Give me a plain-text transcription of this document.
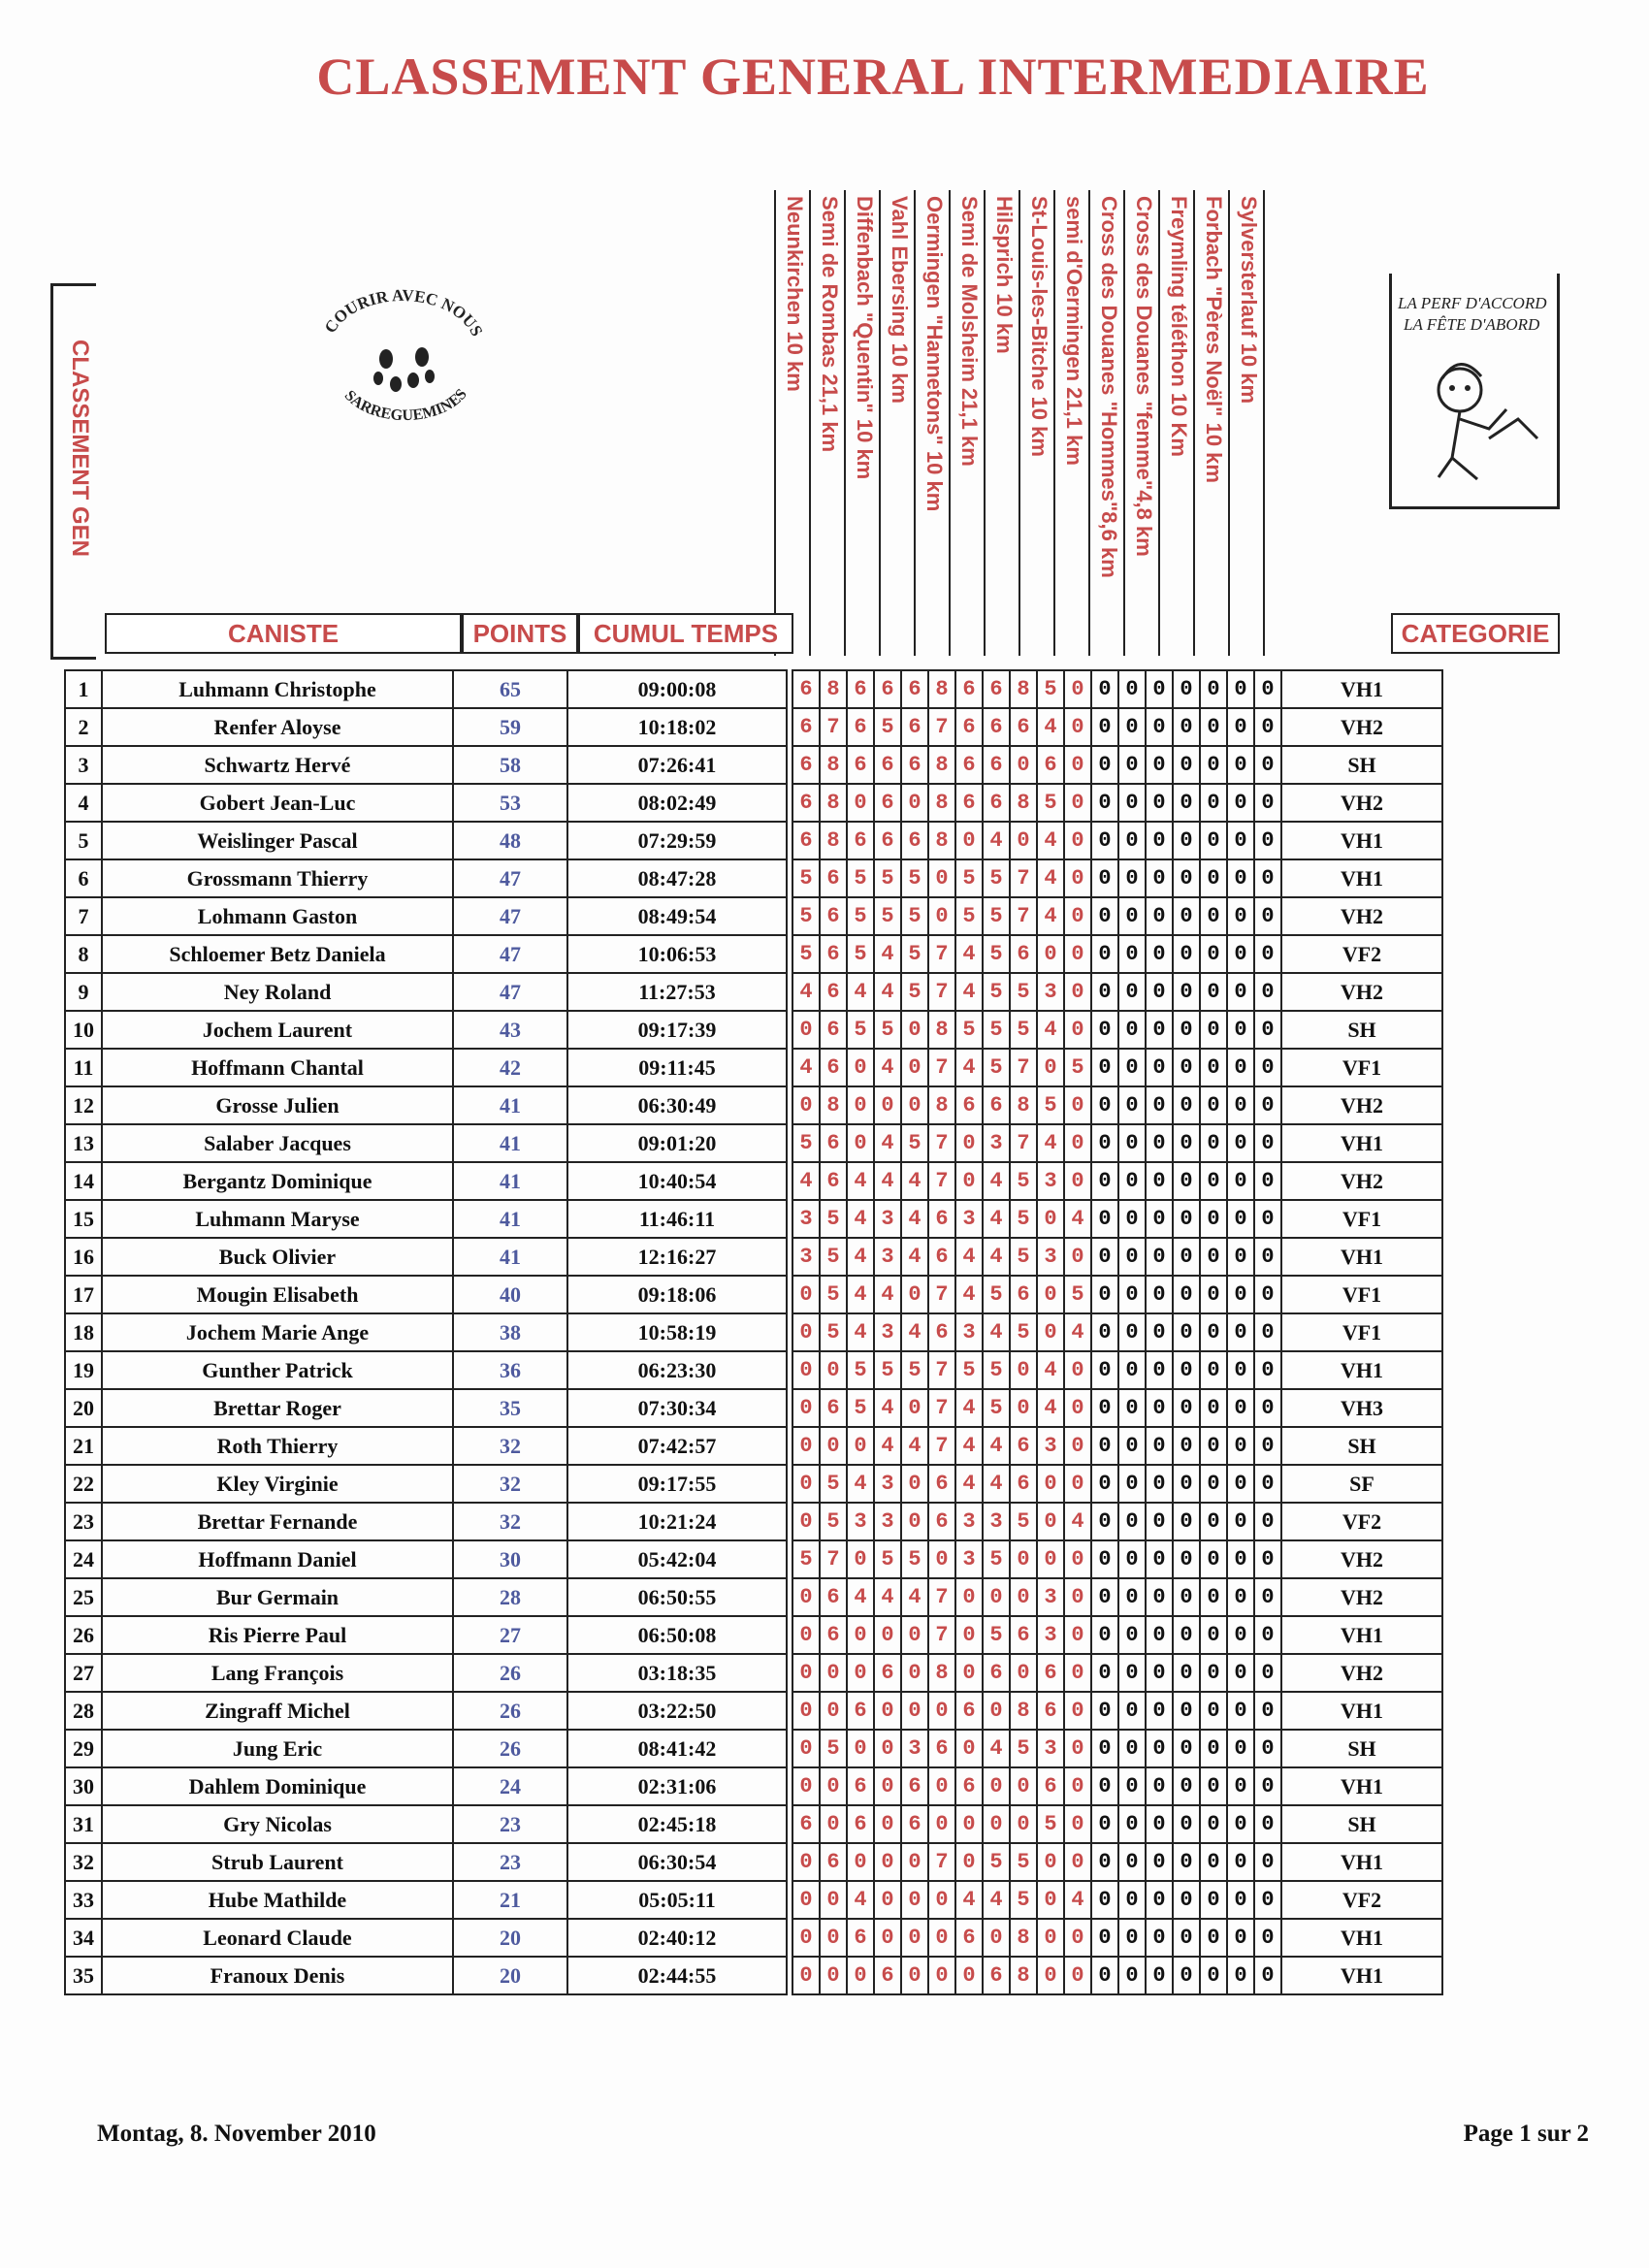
CLASSEMENT GENERAL INTERMEDIAIRE
CLASSEMENT GEN
COURIR AVEC NOUS
SARREGUEMINES
LA PERF D'ACCORD
LA FÊTE D'ABORD
Neunkirchen 10 km Semi de Rombas 21,1 km Diffenbach "Quentin" 10 km Vahl Ebersing 10 km Oermingen "Hannetons" 10 km Semi de Molsheim 21,1 km Hilsprich 10 km St-Louis-les-Bitche 10 km semi d'Oermingen 21,1 km Cross des Douanes "Hommes"8,6 km Cross des Douanes "femme"4,8 km Freymling téléthon 10 Km Forbach "Pères Noël" 10 km Sylversterlauf 10 km
CANISTE	POINTS	CUMUL TEMPS	CATEGORIE
1	Luhmann Christophe	65	09:00:08		6	8	6	6	6	8	6	6	8	5	0	0	0	0	0	0	0	0	VH1
2	Renfer Aloyse	59	10:18:02		6	7	6	5	6	7	6	6	6	4	0	0	0	0	0	0	0	0	VH2
3	Schwartz Hervé	58	07:26:41		6	8	6	6	6	8	6	6	0	6	0	0	0	0	0	0	0	0	SH
4	Gobert Jean-Luc	53	08:02:49		6	8	0	6	0	8	6	6	8	5	0	0	0	0	0	0	0	0	VH2
5	Weislinger Pascal	48	07:29:59		6	8	6	6	6	8	0	4	0	4	0	0	0	0	0	0	0	0	VH1
6	Grossmann Thierry	47	08:47:28		5	6	5	5	5	0	5	5	7	4	0	0	0	0	0	0	0	0	VH1
7	Lohmann Gaston	47	08:49:54		5	6	5	5	5	0	5	5	7	4	0	0	0	0	0	0	0	0	VH2
8	Schloemer Betz Daniela	47	10:06:53		5	6	5	4	5	7	4	5	6	0	0	0	0	0	0	0	0	0	VF2
9	Ney Roland	47	11:27:53		4	6	4	4	5	7	4	5	5	3	0	0	0	0	0	0	0	0	VH2
10	Jochem Laurent	43	09:17:39		0	6	5	5	0	8	5	5	5	4	0	0	0	0	0	0	0	0	SH
11	Hoffmann Chantal	42	09:11:45		4	6	0	4	0	7	4	5	7	0	5	0	0	0	0	0	0	0	VF1
12	Grosse Julien	41	06:30:49		0	8	0	0	0	8	6	6	8	5	0	0	0	0	0	0	0	0	VH2
13	Salaber Jacques	41	09:01:20		5	6	0	4	5	7	0	3	7	4	0	0	0	0	0	0	0	0	VH1
14	Bergantz Dominique	41	10:40:54		4	6	4	4	4	7	0	4	5	3	0	0	0	0	0	0	0	0	VH2
15	Luhmann Maryse	41	11:46:11		3	5	4	3	4	6	3	4	5	0	4	0	0	0	0	0	0	0	VF1
16	Buck Olivier	41	12:16:27		3	5	4	3	4	6	4	4	5	3	0	0	0	0	0	0	0	0	VH1
17	Mougin Elisabeth	40	09:18:06		0	5	4	4	0	7	4	5	6	0	5	0	0	0	0	0	0	0	VF1
18	Jochem Marie Ange	38	10:58:19		0	5	4	3	4	6	3	4	5	0	4	0	0	0	0	0	0	0	VF1
19	Gunther Patrick	36	06:23:30		0	0	5	5	5	7	5	5	0	4	0	0	0	0	0	0	0	0	VH1
20	Brettar Roger	35	07:30:34		0	6	5	4	0	7	4	5	0	4	0	0	0	0	0	0	0	0	VH3
21	Roth Thierry	32	07:42:57		0	0	0	4	4	7	4	4	6	3	0	0	0	0	0	0	0	0	SH
22	Kley Virginie	32	09:17:55		0	5	4	3	0	6	4	4	6	0	0	0	0	0	0	0	0	0	SF
23	Brettar Fernande	32	10:21:24		0	5	3	3	0	6	3	3	5	0	4	0	0	0	0	0	0	0	VF2
24	Hoffmann Daniel	30	05:42:04		5	7	0	5	5	0	3	5	0	0	0	0	0	0	0	0	0	0	VH2
25	Bur Germain	28	06:50:55		0	6	4	4	4	7	0	0	0	3	0	0	0	0	0	0	0	0	VH2
26	Ris Pierre Paul	27	06:50:08		0	6	0	0	0	7	0	5	6	3	0	0	0	0	0	0	0	0	VH1
27	Lang François	26	03:18:35		0	0	0	6	0	8	0	6	0	6	0	0	0	0	0	0	0	0	VH2
28	Zingraff Michel	26	03:22:50		0	0	6	0	0	0	6	0	8	6	0	0	0	0	0	0	0	0	VH1
29	Jung Eric	26	08:41:42		0	5	0	0	3	6	0	4	5	3	0	0	0	0	0	0	0	0	SH
30	Dahlem Dominique	24	02:31:06		0	0	6	0	6	0	6	0	0	6	0	0	0	0	0	0	0	0	VH1
31	Gry Nicolas	23	02:45:18		6	0	6	0	6	0	0	0	0	5	0	0	0	0	0	0	0	0	SH
32	Strub Laurent	23	06:30:54		0	6	0	0	0	7	0	5	5	0	0	0	0	0	0	0	0	0	VH1
33	Hube Mathilde	21	05:05:11		0	0	4	0	0	0	4	4	5	0	4	0	0	0	0	0	0	0	VF2
34	Leonard Claude	20	02:40:12		0	0	6	0	0	0	6	0	8	0	0	0	0	0	0	0	0	0	VH1
35	Franoux Denis	20	02:44:55		0	0	0	6	0	0	0	6	8	0	0	0	0	0	0	0	0	0	VH1
Montag, 8. November 2010	Page 1 sur 2
